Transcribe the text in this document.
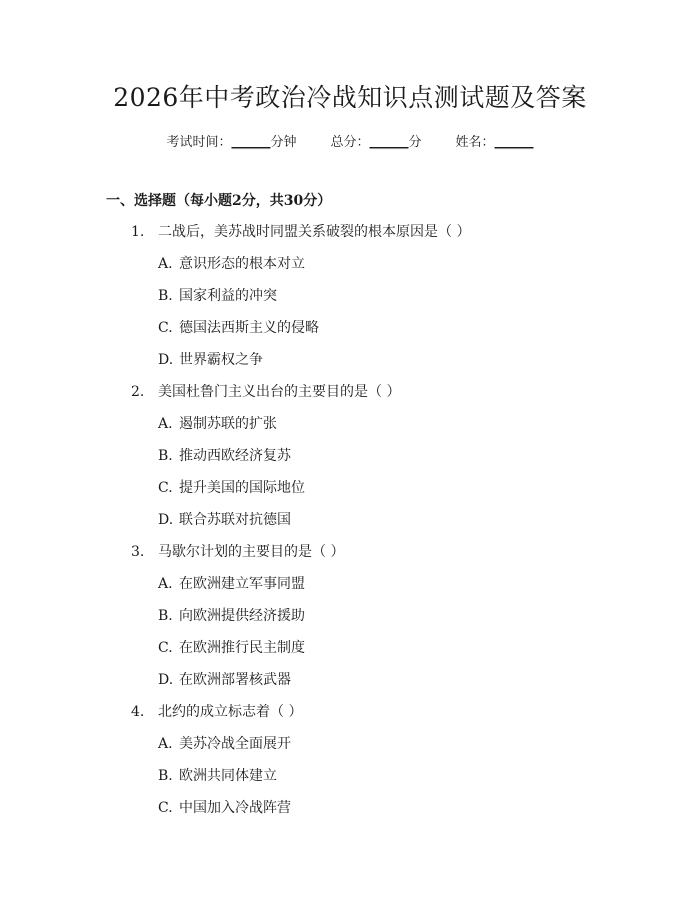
2026年中考政治冷战知识点测试题及答案
考试时间：______分钟	总分：______分	姓名：______
一、选择题（每小题2分，共30分）
1. 二战后，美苏战时同盟关系破裂的根本原因是（ ）
A. 意识形态的根本对立
B. 国家利益的冲突
C. 德国法西斯主义的侵略
D. 世界霸权之争
2. 美国杜鲁门主义出台的主要目的是（ ）
A. 遏制苏联的扩张
B. 推动西欧经济复苏
C. 提升美国的国际地位
D. 联合苏联对抗德国
3. 马歇尔计划的主要目的是（ ）
A. 在欧洲建立军事同盟
B. 向欧洲提供经济援助
C. 在欧洲推行民主制度
D. 在欧洲部署核武器
4. 北约的成立标志着（ ）
A. 美苏冷战全面展开
B. 欧洲共同体建立
C. 中国加入冷战阵营
